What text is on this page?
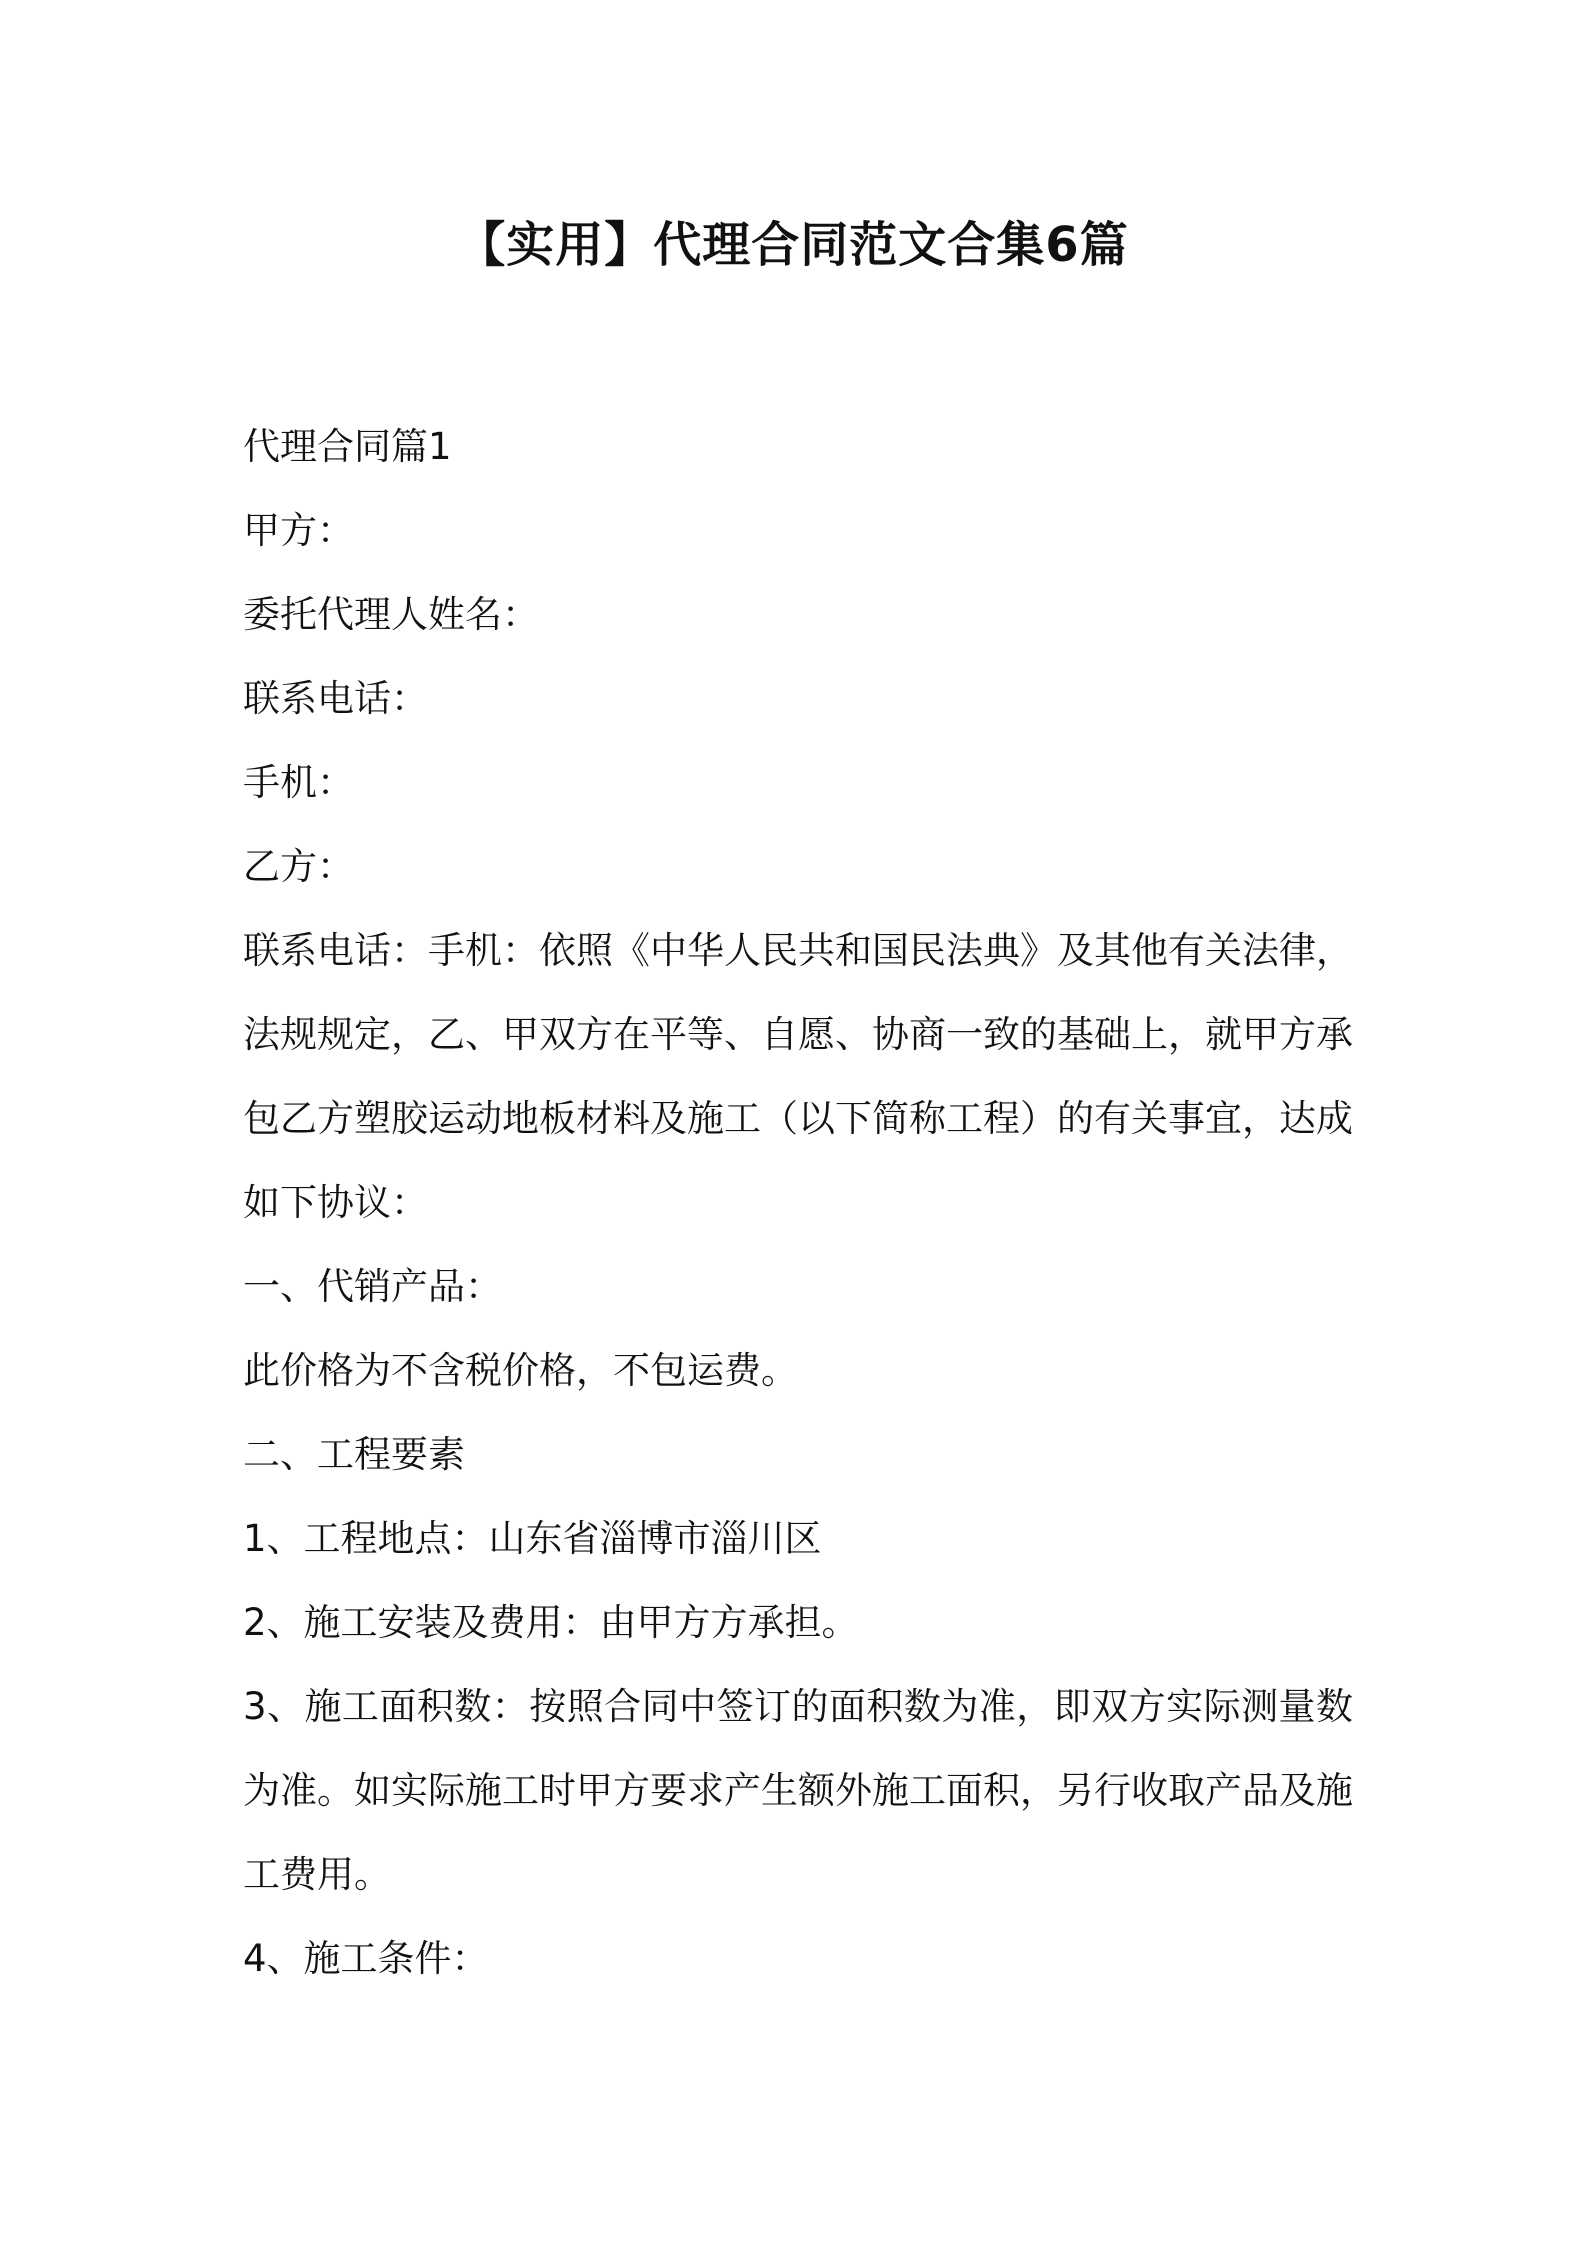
【实用】代理合同范文合集6篇

代理合同篇1

甲方：

委托代理人姓名：

联系电话：

手机：

乙方：

联系电话：手机：依照《中华人民共和国民法典》及其他有关法律，法规规定，乙、甲双方在平等、自愿、协商一致的基础上，就甲方承包乙方塑胶运动地板材料及施工（以下简称工程）的有关事宜，达成如下协议：

一、代销产品：

此价格为不含税价格，不包运费。

二、工程要素

1、工程地点：山东省淄博市淄川区

2、施工安装及费用：由甲方方承担。

3、施工面积数：按照合同中签订的面积数为准，即双方实际测量数为准。如实际施工时甲方要求产生额外施工面积，另行收取产品及施工费用。

4、施工条件：
